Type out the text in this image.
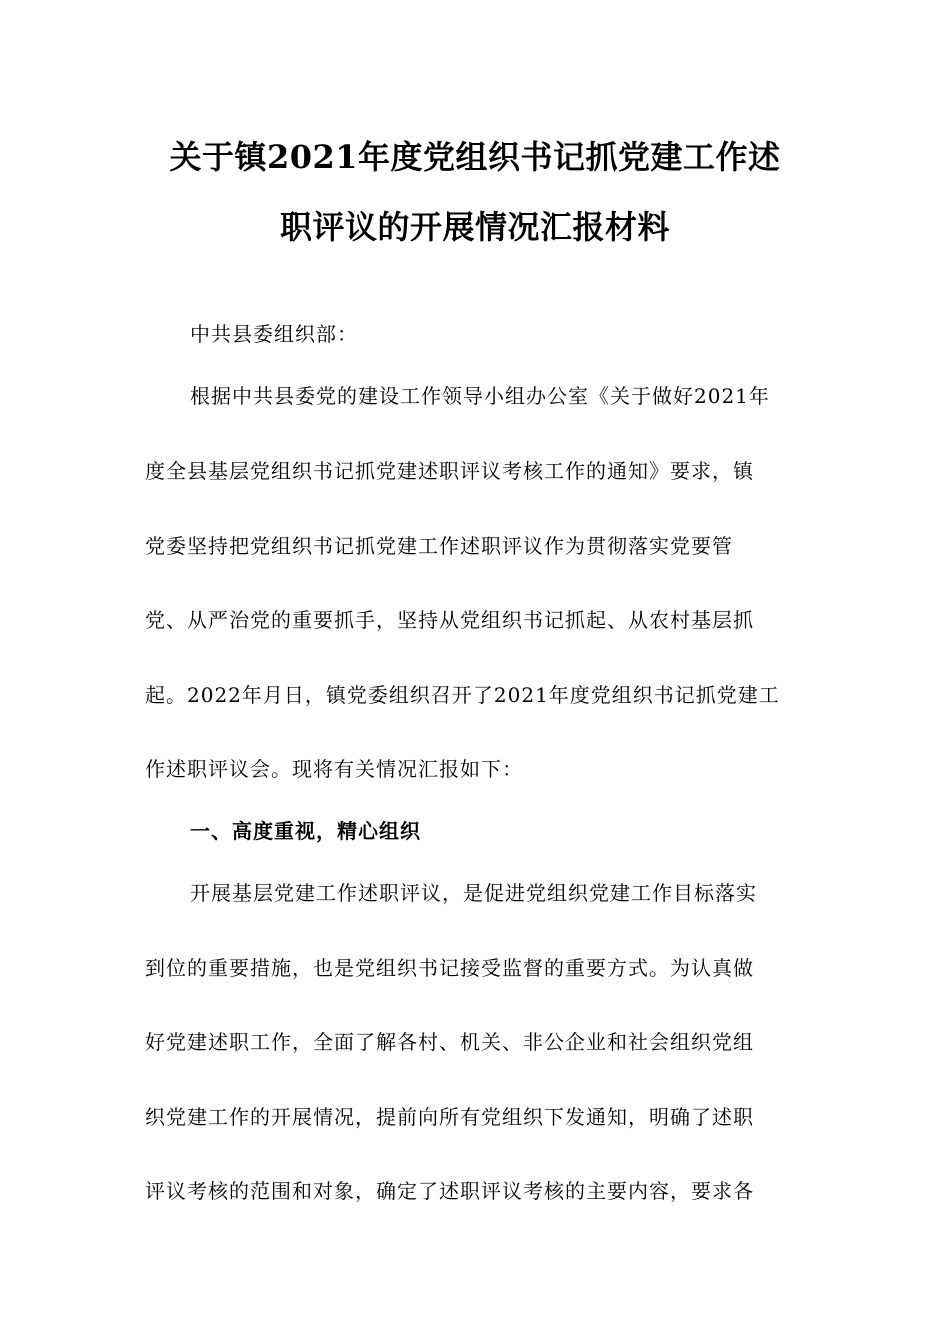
关于镇2021年度党组织书记抓党建工作述
职评议的开展情况汇报材料
中共县委组织部：
根据中共县委党的建设工作领导小组办公室《关于做好2021年
度全县基层党组织书记抓党建述职评议考核工作的通知》要求，镇
党委坚持把党组织书记抓党建工作述职评议作为贯彻落实党要管
党、从严治党的重要抓手，坚持从党组织书记抓起、从农村基层抓
起。2022年月日，镇党委组织召开了2021年度党组织书记抓党建工
作述职评议会。现将有关情况汇报如下：
一、高度重视，精心组织
开展基层党建工作述职评议，是促进党组织党建工作目标落实
到位的重要措施，也是党组织书记接受监督的重要方式。为认真做
好党建述职工作，全面了解各村、机关、非公企业和社会组织党组
织党建工作的开展情况，提前向所有党组织下发通知，明确了述职
评议考核的范围和对象，确定了述职评议考核的主要内容，要求各
